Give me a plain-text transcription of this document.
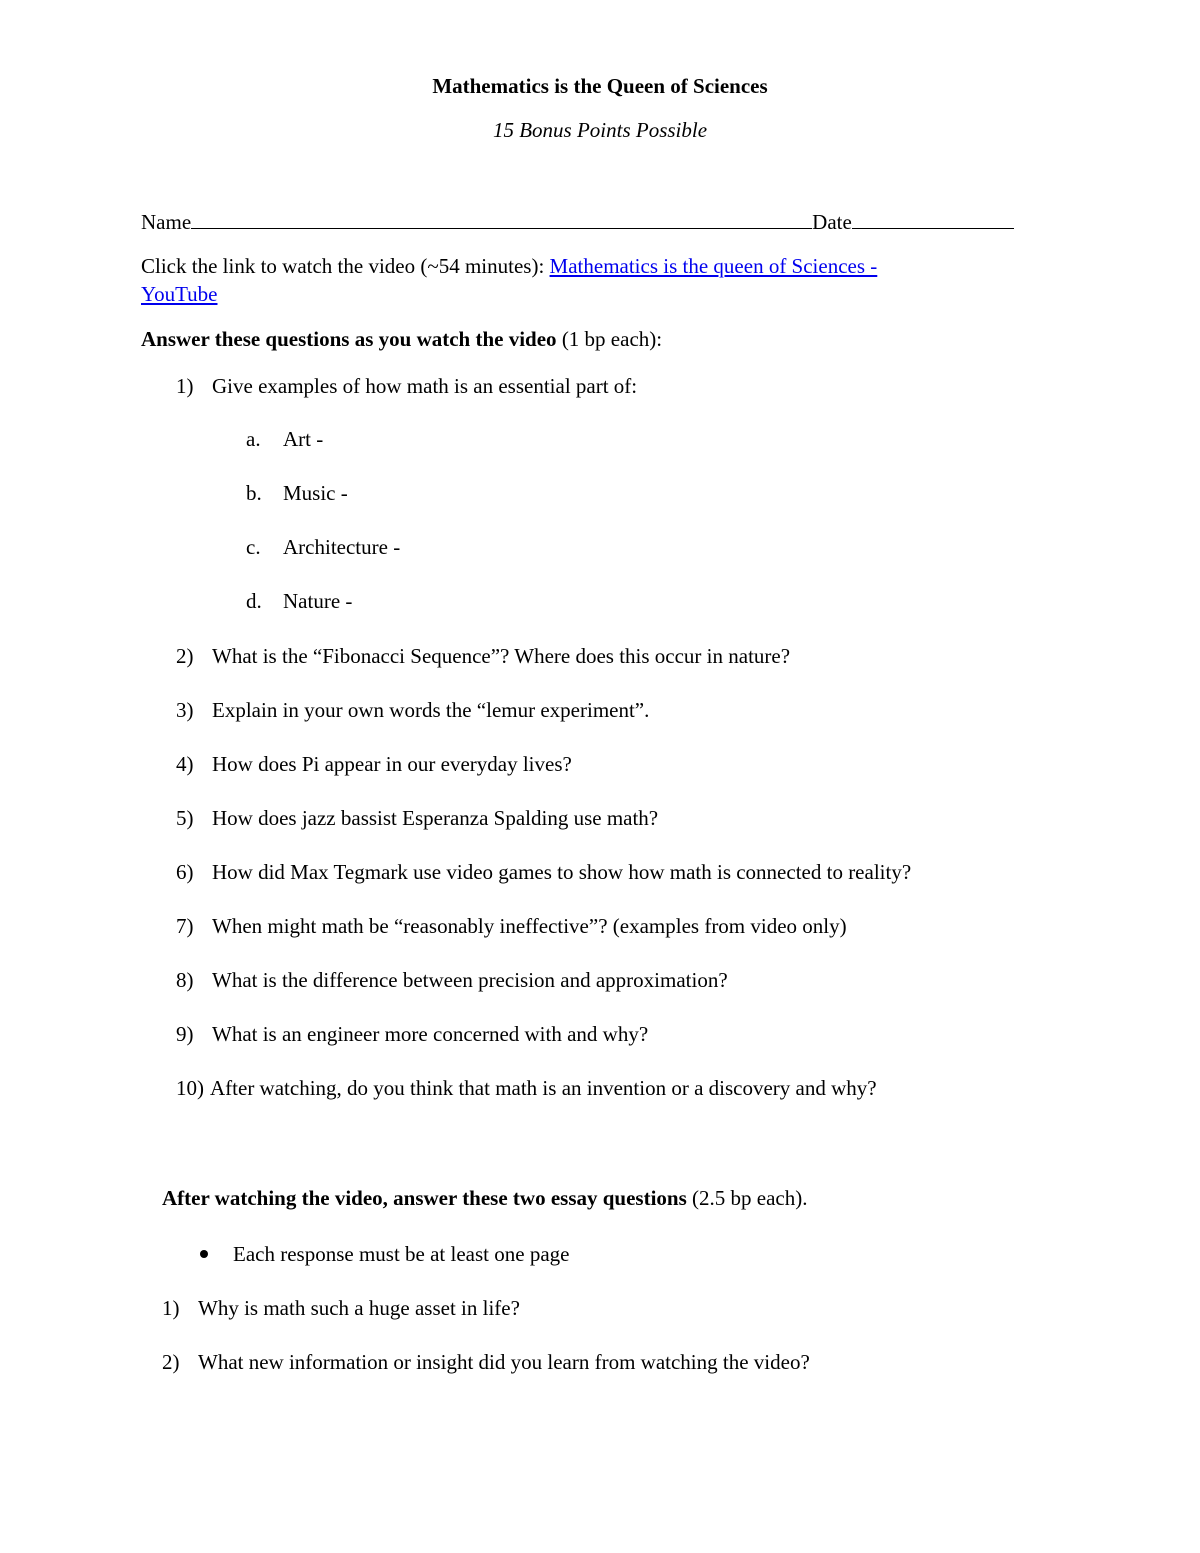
Mathematics is the Queen of Sciences
15 Bonus Points Possible
Name	Date
Click the link to watch the video (~54 minutes): Mathematics is the queen of Sciences -
YouTube
Answer these questions as you watch the video (1 bp each):
1) Give examples of how math is an essential part of:
2) What is the “Fibonacci Sequence”? Where does this occur in nature?
3) Explain in your own words the “lemur experiment”.
4) How does Pi appear in our everyday lives?
5) How does jazz bassist Esperanza Spalding use math?
6) How did Max Tegmark use video games to show how math is connected to reality?
7) When might math be “reasonably ineffective”? (examples from video only)
8) What is the difference between precision and approximation?
9) What is an engineer more concerned with and why?
10) After watching, do you think that math is an invention or a discovery and why?
a. Art -
b. Music -
c. Architecture -
d. Nature -
After watching the video, answer these two essay questions (2.5 bp each).
Each response must be at least one page
1) Why is math such a huge asset in life?
2) What new information or insight did you learn from watching the video?
